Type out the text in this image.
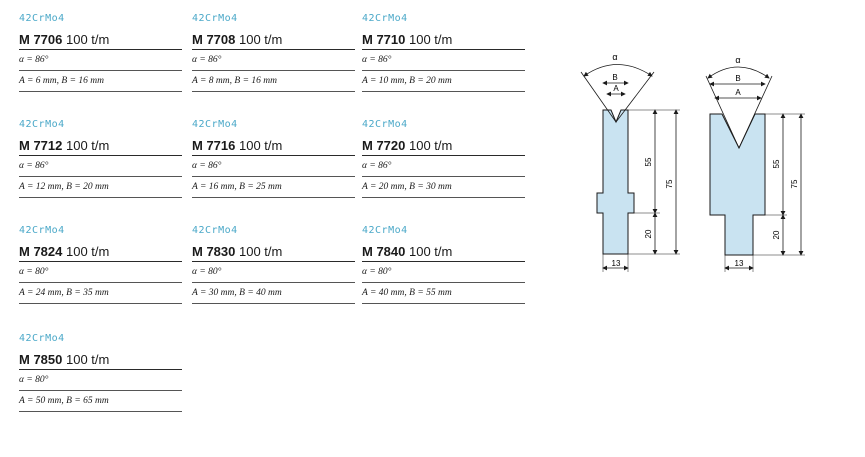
42CrMo4
M 7706 100 t/m
α = 86°
A = 6 mm, B = 16 mm
42CrMo4
M 7708 100 t/m
α = 86°
A = 8 mm, B = 16 mm
42CrMo4
M 7710 100 t/m
α = 86°
A = 10 mm, B = 20 mm
42CrMo4
M 7712 100 t/m
α = 86°
A = 12 mm, B = 20 mm
42CrMo4
M 7716 100 t/m
α = 86°
A = 16 mm, B = 25 mm
42CrMo4
M 7720 100 t/m
α = 86°
A = 20 mm, B = 30 mm
42CrMo4
M 7824 100 t/m
α = 80°
A = 24 mm, B = 35 mm
42CrMo4
M 7830 100 t/m
α = 80°
A = 30 mm, B = 40 mm
42CrMo4
M 7840 100 t/m
α = 80°
A = 40 mm, B = 55 mm
42CrMo4
M 7850 100 t/m
α = 80°
A = 50 mm, B = 65 mm
α
B
A
55
75
20
13
α
B
A
55
75
20
13
